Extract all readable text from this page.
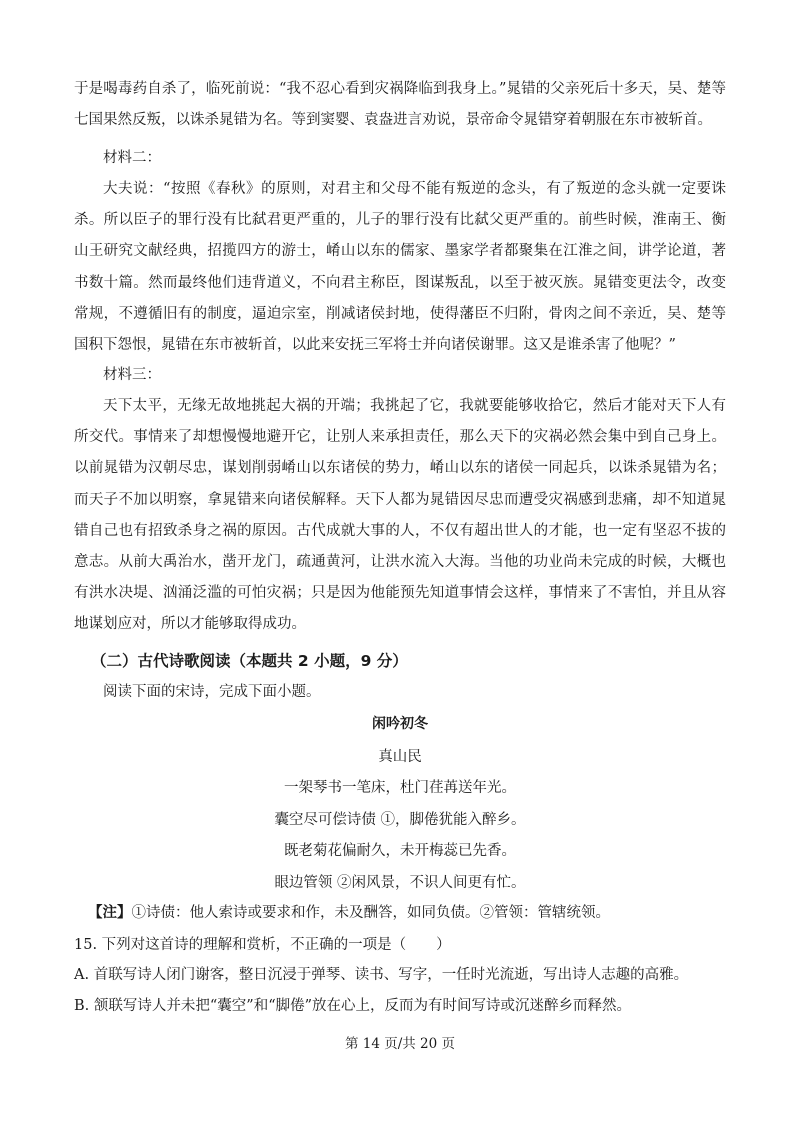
于是喝毒药自杀了，临死前说：“我不忍心看到灾祸降临到我身上。”晁错的父亲死后十多天，吴、楚等七国果然反叛，以诛杀晁错为名。等到窦婴、袁盎进言劝说，景帝命令晁错穿着朝服在东市被斩首。

材料二：

大夫说：“按照《春秋》的原则，对君主和父母不能有叛逆的念头，有了叛逆的念头就一定要诛杀。所以臣子的罪行没有比弑君更严重的，儿子的罪行没有比弑父更严重的。前些时候，淮南王、衡山王研究文献经典，招揽四方的游士，崤山以东的儒家、墨家学者都聚集在江淮之间，讲学论道，著书数十篇。然而最终他们违背道义，不向君主称臣，图谋叛乱，以至于被灭族。晁错变更法令，改变常规，不遵循旧有的制度，逼迫宗室，削减诸侯封地，使得藩臣不归附，骨肉之间不亲近，吴、楚等国积下怨恨，晁错在东市被斩首，以此来安抚三军将士并向诸侯谢罪。这又是谁杀害了他呢？”

材料三：

天下太平，无缘无故地挑起大祸的开端；我挑起了它，我就要能够收拾它，然后才能对天下人有所交代。事情来了却想慢慢地避开它，让别人来承担责任，那么天下的灾祸必然会集中到自己身上。以前晁错为汉朝尽忠，谋划削弱崤山以东诸侯的势力，崤山以东的诸侯一同起兵，以诛杀晁错为名；而天子不加以明察，拿晁错来向诸侯解释。天下人都为晁错因尽忠而遭受灾祸感到悲痛，却不知道晁错自己也有招致杀身之祸的原因。古代成就大事的人，不仅有超出世人的才能，也一定有坚忍不拔的意志。从前大禹治水，凿开龙门，疏通黄河，让洪水流入大海。当他的功业尚未完成的时候，大概也有洪水决堤、汹涌泛滥的可怕灾祸；只是因为他能预先知道事情会这样，事情来了不害怕，并且从容地谋划应对，所以才能够取得成功。

（二）古代诗歌阅读（本题共 2 小题，9 分）

阅读下面的宋诗，完成下面小题。

闲吟初冬

真山民

一架琴书一笔床，杜门荏苒送年光。

囊空尽可偿诗债 ①，脚倦犹能入醉乡。

既老菊花偏耐久，未开梅蕊已先香。

眼边管领 ②闲风景，不识人间更有忙。

【注】①诗债：他人索诗或要求和作，未及酬答，如同负债。②管领：管辖统领。

15. 下列对这首诗的理解和赏析，不正确的一项是（ ）

A. 首联写诗人闭门谢客，整日沉浸于弹琴、读书、写字，一任时光流逝，写出诗人志趣的高雅。

B. 颔联写诗人并未把“囊空”和“脚倦”放在心上，反而为有时间写诗或沉迷醉乡而释然。

第 14 页/共 20 页
